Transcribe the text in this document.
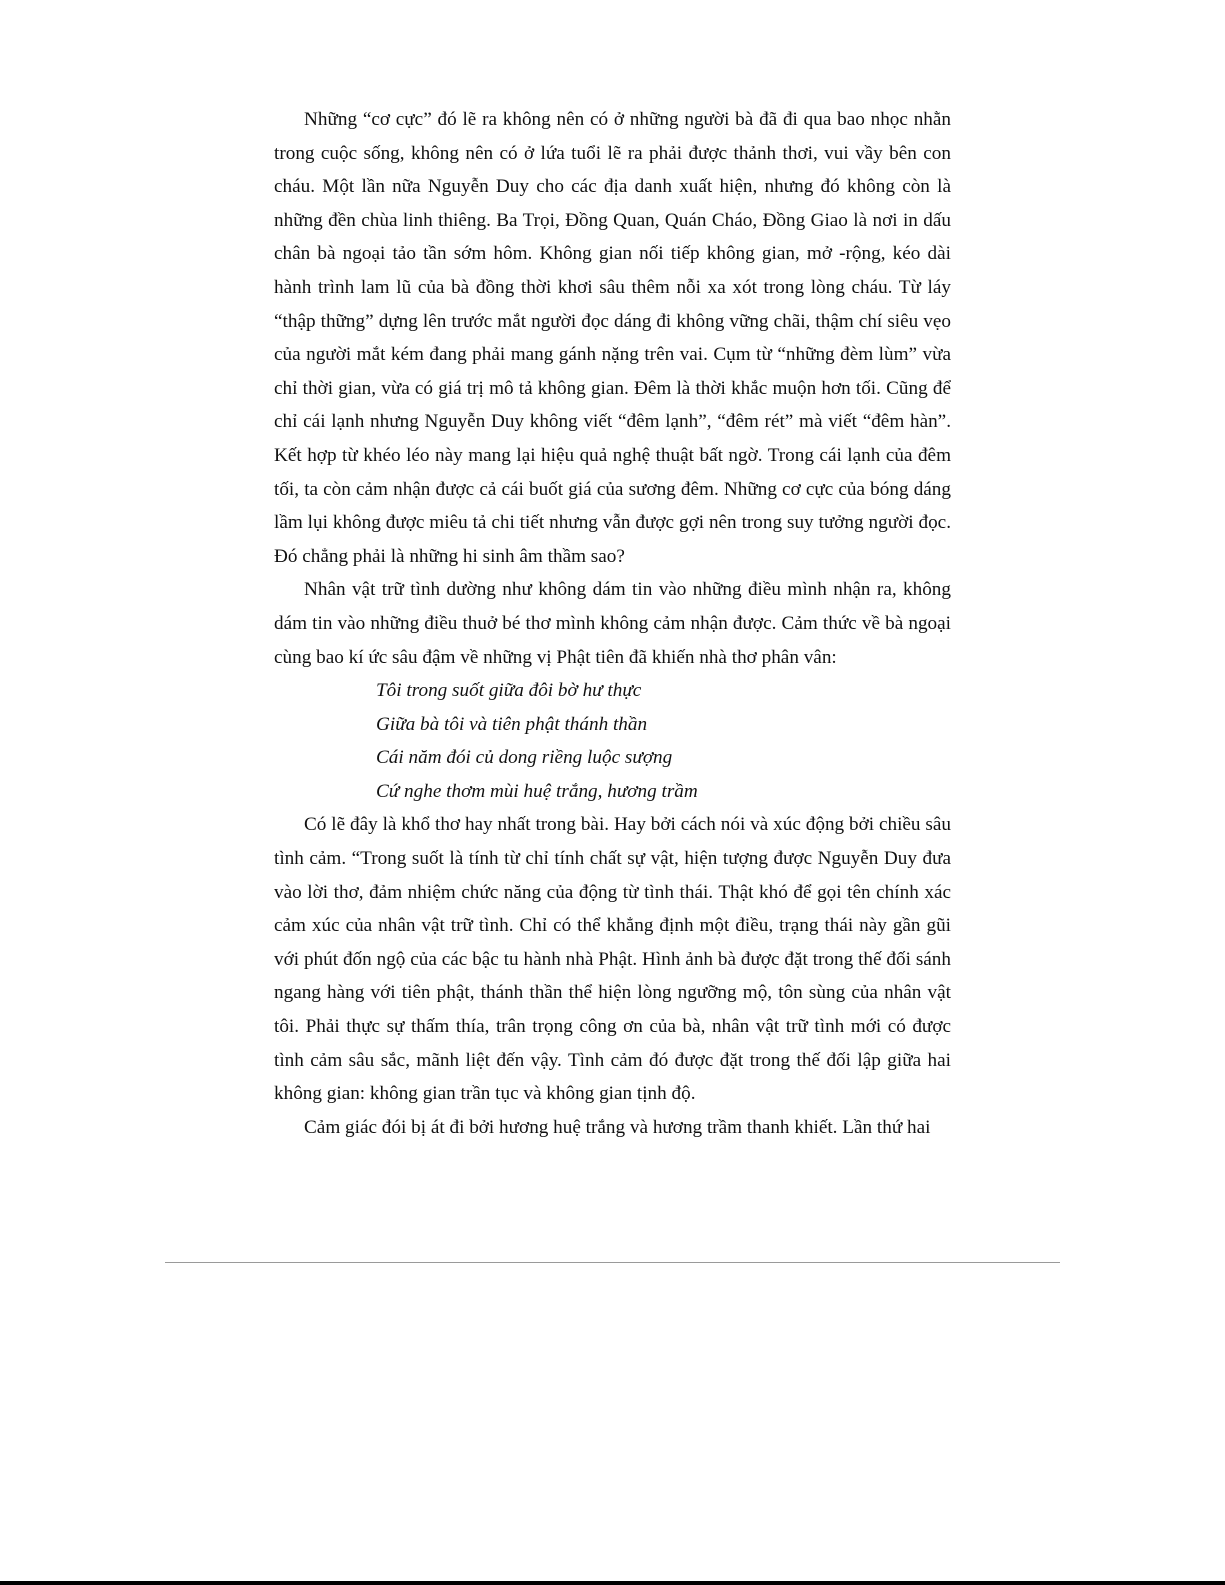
Những “cơ cực” đó lẽ ra không nên có ở những người bà đã đi qua bao nhọc nhằn trong cuộc sống, không nên có ở lứa tuổi lẽ ra phải được thảnh thơi, vui vầy bên con cháu. Một lần nữa Nguyễn Duy cho các địa danh xuất hiện, nhưng đó không còn là những đền chùa linh thiêng. Ba Trọi, Đồng Quan, Quán Cháo, Đồng Giao là nơi in dấu chân bà ngoại tảo tần sớm hôm. Không gian nối tiếp không gian, mở -rộng, kéo dài hành trình lam lũ của bà đồng thời khơi sâu thêm nỗi xa xót trong lòng cháu. Từ láy “thập thững” dựng lên trước mắt người đọc dáng đi không vững chãi, thậm chí siêu vẹo của người mắt kém đang phải mang gánh nặng trên vai. Cụm từ “những đèm lùm” vừa chỉ thời gian, vừa có giá trị mô tả không gian. Đêm là thời khắc muộn hơn tối. Cũng để chỉ cái lạnh nhưng Nguyễn Duy không viết “đêm lạnh”, “đêm rét” mà viết “đêm hàn”. Kết hợp từ khéo léo này mang lại hiệu quả nghệ thuật bất ngờ. Trong cái lạnh của đêm tối, ta còn cảm nhận được cả cái buốt giá của sương đêm. Những cơ cực của bóng dáng lầm lụi không được miêu tả chi tiết nhưng vẫn được gợi nên trong suy tưởng người đọc. Đó chẳng phải là những hi sinh âm thầm sao?

Nhân vật trữ tình dường như không dám tin vào những điều mình nhận ra, không dám tin vào những điều thuở bé thơ mình không cảm nhận được. Cảm thức về bà ngoại cùng bao kí ức sâu đậm về những vị Phật tiên đã khiến nhà thơ phân vân:

Tôi trong suốt giữa đôi bờ hư thực
Giữa bà tôi và tiên phật thánh thần
Cái năm đói củ dong riềng luộc sượng
Cứ nghe thơm mùi huệ trắng, hương trầm

Có lẽ đây là khổ thơ hay nhất trong bài. Hay bởi cách nói và xúc động bởi chiều sâu tình cảm. “Trong suốt là tính từ chỉ tính chất sự vật, hiện tượng được Nguyễn Duy đưa vào lời thơ, đảm nhiệm chức năng của động từ tình thái. Thật khó để gọi tên chính xác cảm xúc của nhân vật trữ tình. Chỉ có thể khẳng định một điều, trạng thái này gần gũi với phút đốn ngộ của các bậc tu hành nhà Phật. Hình ảnh bà được đặt trong thế đối sánh ngang hàng với tiên phật, thánh thần thể hiện lòng ngưỡng mộ, tôn sùng của nhân vật tôi. Phải thực sự thấm thía, trân trọng công ơn của bà, nhân vật trữ tình mới có được tình cảm sâu sắc, mãnh liệt đến vậy. Tình cảm đó được đặt trong thế đối lập giữa hai không gian: không gian trần tục và không gian tịnh độ.

Cảm giác đói bị át đi bởi hương huệ trắng và hương trầm thanh khiết. Lần thứ hai
